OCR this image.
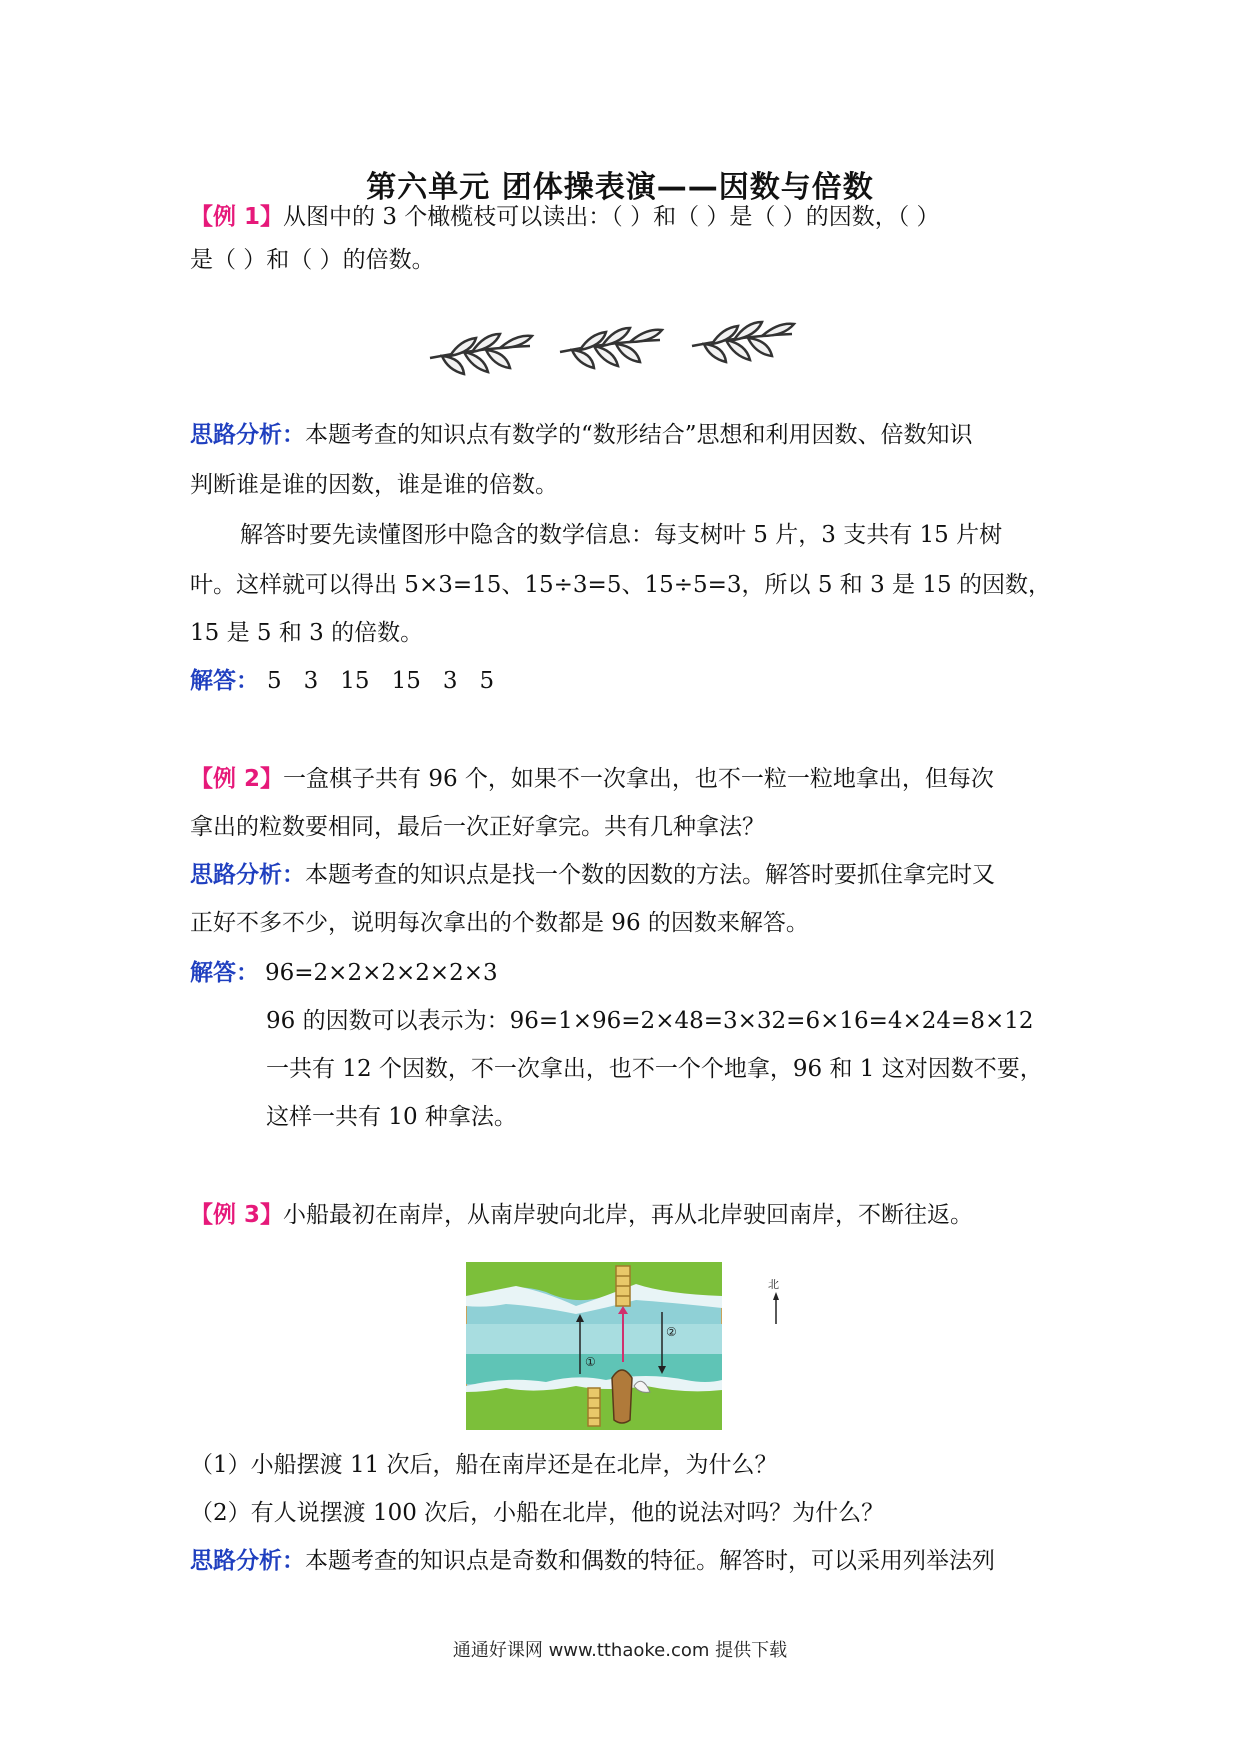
第六单元 团体操表演——因数与倍数
【例 1】从图中的 3 个橄榄枝可以读出：（ ）和（ ）是（ ）的因数，（ ）
是（ ）和（ ）的倍数。
思路分析：本题考查的知识点有数学的“数形结合”思想和利用因数、倍数知识
判断谁是谁的因数，谁是谁的倍数。
解答时要先读懂图形中隐含的数学信息：每支树叶 5 片，3 支共有 15 片树
叶。这样就可以得出 5×3=15、15÷3=5、15÷5=3，所以 5 和 3 是 15 的因数，
15 是 5 和 3 的倍数。
解答： 5 3 15 15 3 5
【例 2】一盒棋子共有 96 个，如果不一次拿出，也不一粒一粒地拿出，但每次
拿出的粒数要相同，最后一次正好拿完。共有几种拿法？
思路分析：本题考查的知识点是找一个数的因数的方法。解答时要抓住拿完时又
正好不多不少，说明每次拿出的个数都是 96 的因数来解答。
解答： 96=2×2×2×2×2×3
96 的因数可以表示为：96=1×96=2×48=3×32=6×16=4×24=8×12
一共有 12 个因数，不一次拿出，也不一个个地拿，96 和 1 这对因数不要，
这样一共有 10 种拿法。
【例 3】小船最初在南岸，从南岸驶向北岸，再从北岸驶回南岸，不断往返。
①
②
北
（1）小船摆渡 11 次后，船在南岸还是在北岸，为什么？
（2）有人说摆渡 100 次后，小船在北岸，他的说法对吗？为什么？
思路分析：本题考查的知识点是奇数和偶数的特征。解答时，可以采用列举法列
通通好课网 www.tthaoke.com 提供下载
